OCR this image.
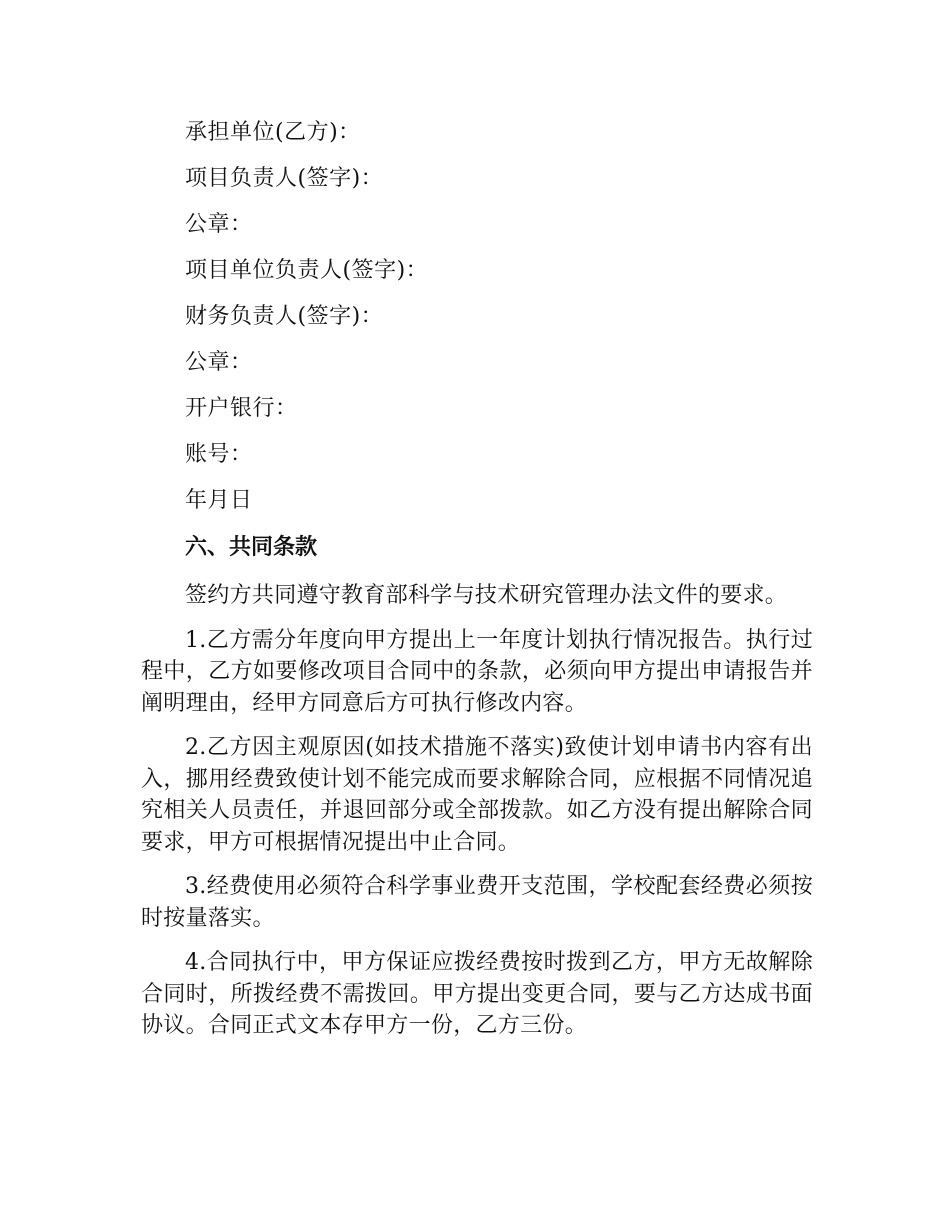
承担单位(乙方)：
项目负责人(签字)：
公章：
项目单位负责人(签字)：
财务负责人(签字)：
公章：
开户银行：
账号：
年月日
六、共同条款

签约方共同遵守教育部科学与技术研究管理办法文件的要求。

1.乙方需分年度向甲方提出上一年度计划执行情况报告。执行过程中，乙方如要修改项目合同中的条款，必须向甲方提出申请报告并阐明理由，经甲方同意后方可执行修改内容。

2.乙方因主观原因(如技术措施不落实)致使计划申请书内容有出入，挪用经费致使计划不能完成而要求解除合同，应根据不同情况追究相关人员责任，并退回部分或全部拨款。如乙方没有提出解除合同要求，甲方可根据情况提出中止合同。

3.经费使用必须符合科学事业费开支范围，学校配套经费必须按时按量落实。

4.合同执行中，甲方保证应拨经费按时拨到乙方，甲方无故解除合同时，所拨经费不需拨回。甲方提出变更合同，要与乙方达成书面协议。合同正式文本存甲方一份，乙方三份。
